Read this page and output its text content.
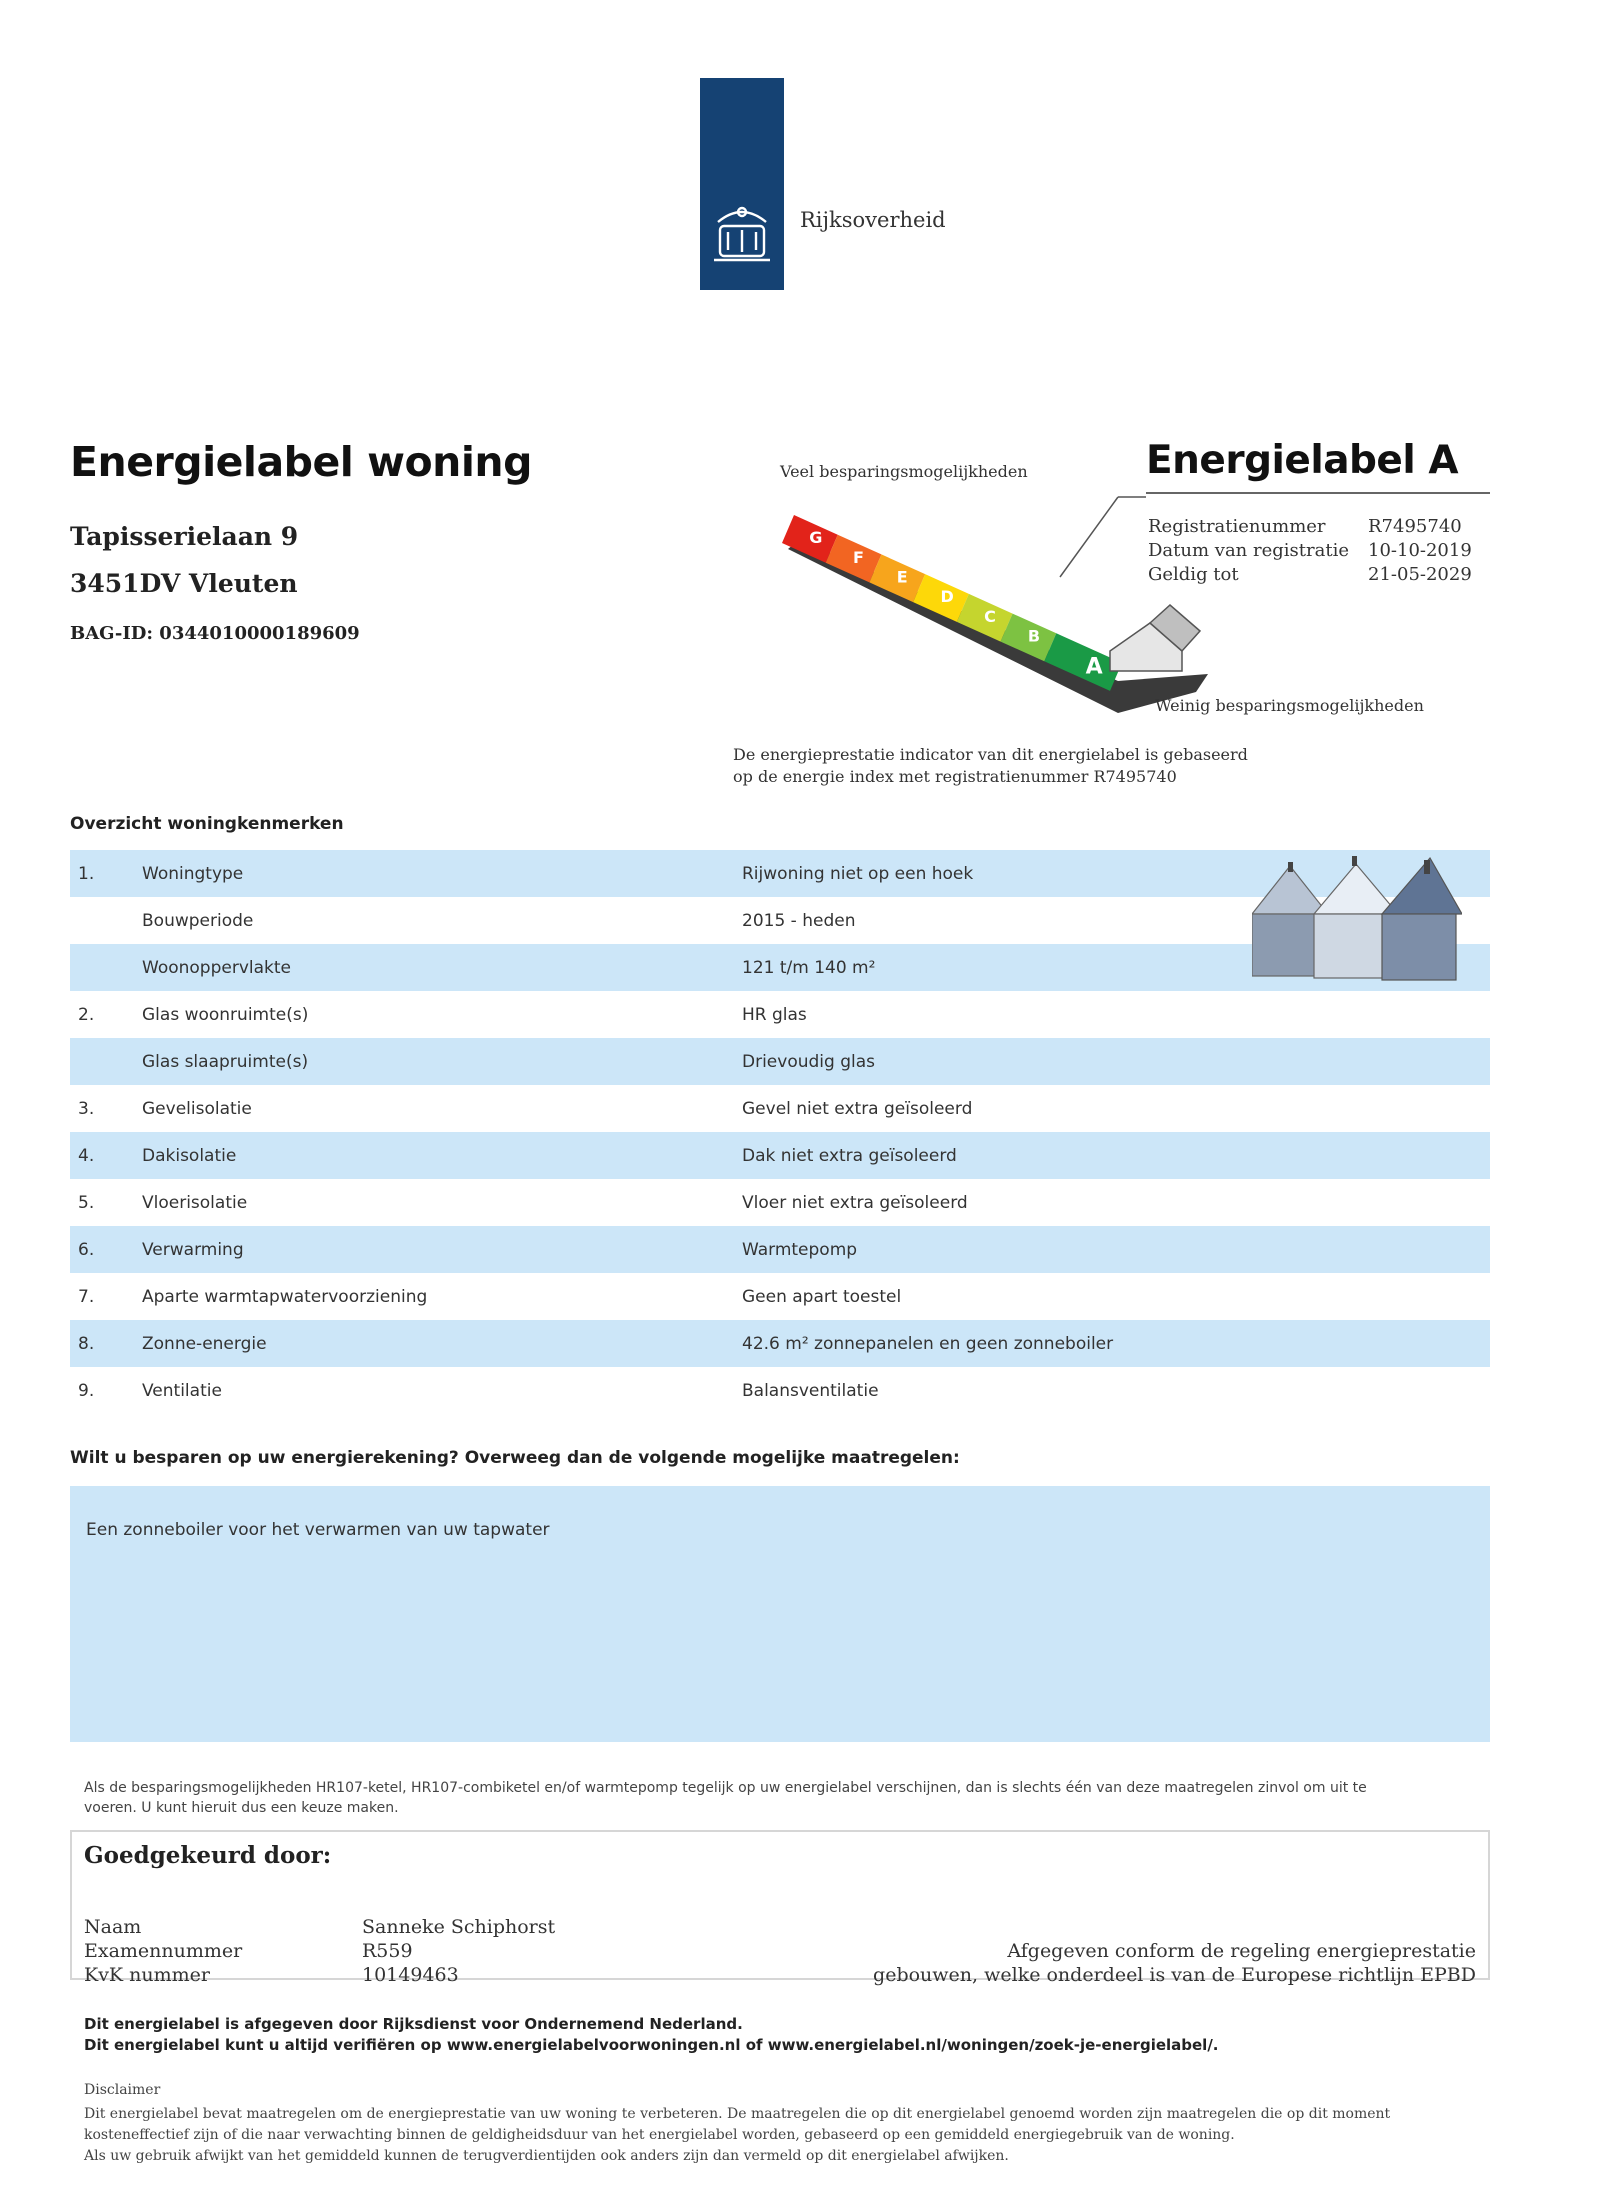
Rijksoverheid
Energielabel woning
Tapisserielaan 9
3451DV Vleuten
BAG-ID: 0344010000189609
Veel besparingsmogelijkheden
G
F
E
D
C
B
A
Energielabel A
Registratienummer R7495740
Datum van registratie 10-10-2019
Geldig tot	21-05-2029
Weinig besparingsmogelijkheden
De energieprestatie indicator van dit energielabel is gebaseerd
op de energie index met registratienummer R7495740
Overzicht woningkenmerken
1.	Woningtype	Rijwoning niet op een hoek
Bouwperiode	2015 - heden
Woonoppervlakte	121 t/m 140 m²
2.	Glas woonruimte(s)	HR glas
Glas slaapruimte(s)	Drievoudig glas
3.	Gevelisolatie	Gevel niet extra geïsoleerd
4.	Dakisolatie	Dak niet extra geïsoleerd
5.	Vloerisolatie	Vloer niet extra geïsoleerd
6.	Verwarming	Warmtepomp
7.	Aparte warmtapwatervoorziening	Geen apart toestel
8.	Zonne-energie	42.6 m² zonnepanelen en geen zonneboiler
9.	Ventilatie	Balansventilatie
Wilt u besparen op uw energierekening? Overweeg dan de volgende mogelijke maatregelen:
Een zonneboiler voor het verwarmen van uw tapwater
Als de besparingsmogelijkheden HR107-ketel, HR107-combiketel en/of warmtepomp tegelijk op uw energielabel verschijnen, dan is slechts één van deze maatregelen zinvol om uit te
voeren. U kunt hieruit dus een keuze maken.
Goedgekeurd door:
Naam	Sanneke Schiphorst
Examennummer	R559
KvK nummer	10149463
Afgegeven conform de regeling energieprestatie
gebouwen, welke onderdeel is van de Europese richtlijn EPBD
Dit energielabel is afgegeven door Rijksdienst voor Ondernemend Nederland.
Dit energielabel kunt u altijd verifiëren op www.energielabelvoorwoningen.nl of www.energielabel.nl/woningen/zoek-je-energielabel/.
Disclaimer
Dit energielabel bevat maatregelen om de energieprestatie van uw woning te verbeteren. De maatregelen die op dit energielabel genoemd worden zijn maatregelen die op dit moment
kosteneffectief zijn of die naar verwachting binnen de geldigheidsduur van het energielabel worden, gebaseerd op een gemiddeld energiegebruik van de woning.
Als uw gebruik afwijkt van het gemiddeld kunnen de terugverdientijden ook anders zijn dan vermeld op dit energielabel afwijken.
